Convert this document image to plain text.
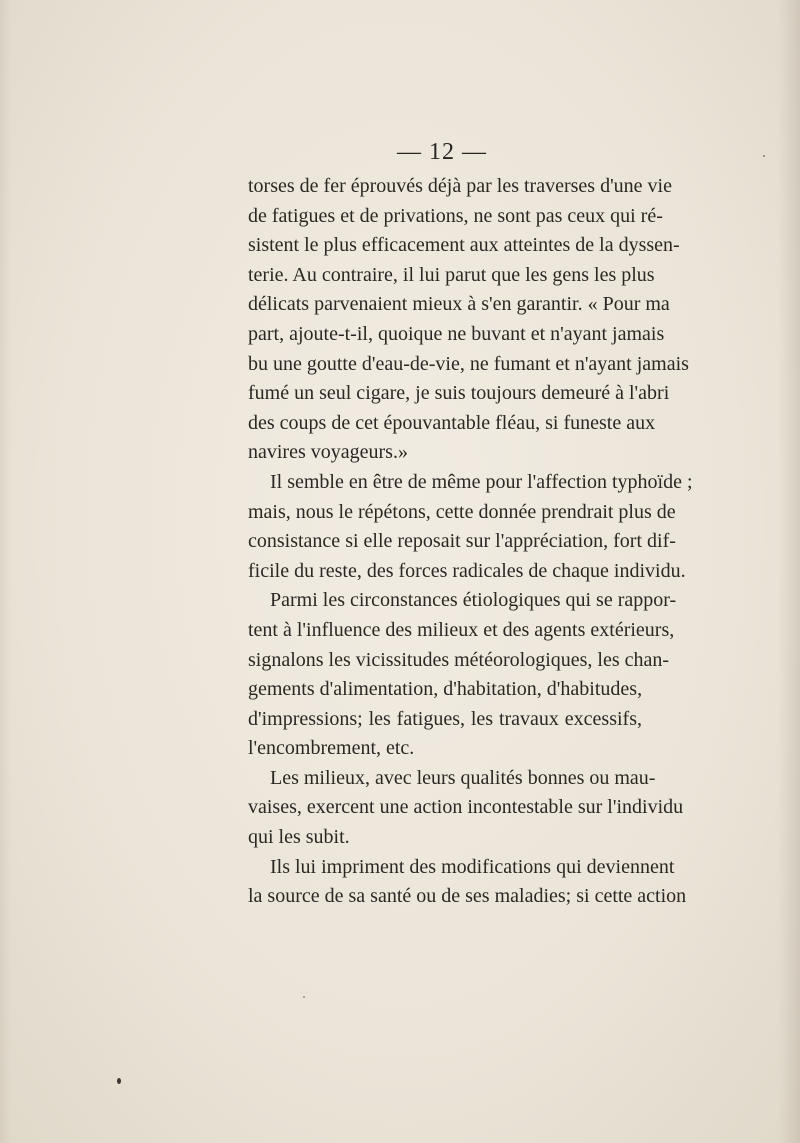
— 12 —
torses de fer éprouvés déjà par les traverses d'une vie
de fatigues et de privations, ne sont pas ceux qui ré-
sistent le plus efficacement aux atteintes de la dyssen-
terie. Au contraire, il lui parut que les gens les plus
délicats parvenaient mieux à s'en garantir. « Pour ma
part, ajoute-t-il, quoique ne buvant et n'ayant jamais
bu une goutte d'eau-de-vie, ne fumant et n'ayant jamais
fumé un seul cigare, je suis toujours demeuré à l'abri
des coups de cet épouvantable fléau, si funeste aux
navires voyageurs.»
Il semble en être de même pour l'affection typhoïde ;
mais, nous le répétons, cette donnée prendrait plus de
consistance si elle reposait sur l'appréciation, fort dif-
ficile du reste, des forces radicales de chaque individu.
Parmi les circonstances étiologiques qui se rappor-
tent à l'influence des milieux et des agents extérieurs,
signalons les vicissitudes météorologiques, les chan-
gements d'alimentation, d'habitation, d'habitudes,
d'impressions; les fatigues, les travaux excessifs,
l'encombrement, etc.
Les milieux, avec leurs qualités bonnes ou mau-
vaises, exercent une action incontestable sur l'individu
qui les subit.
Ils lui impriment des modifications qui deviennent
la source de sa santé ou de ses maladies; si cette action
